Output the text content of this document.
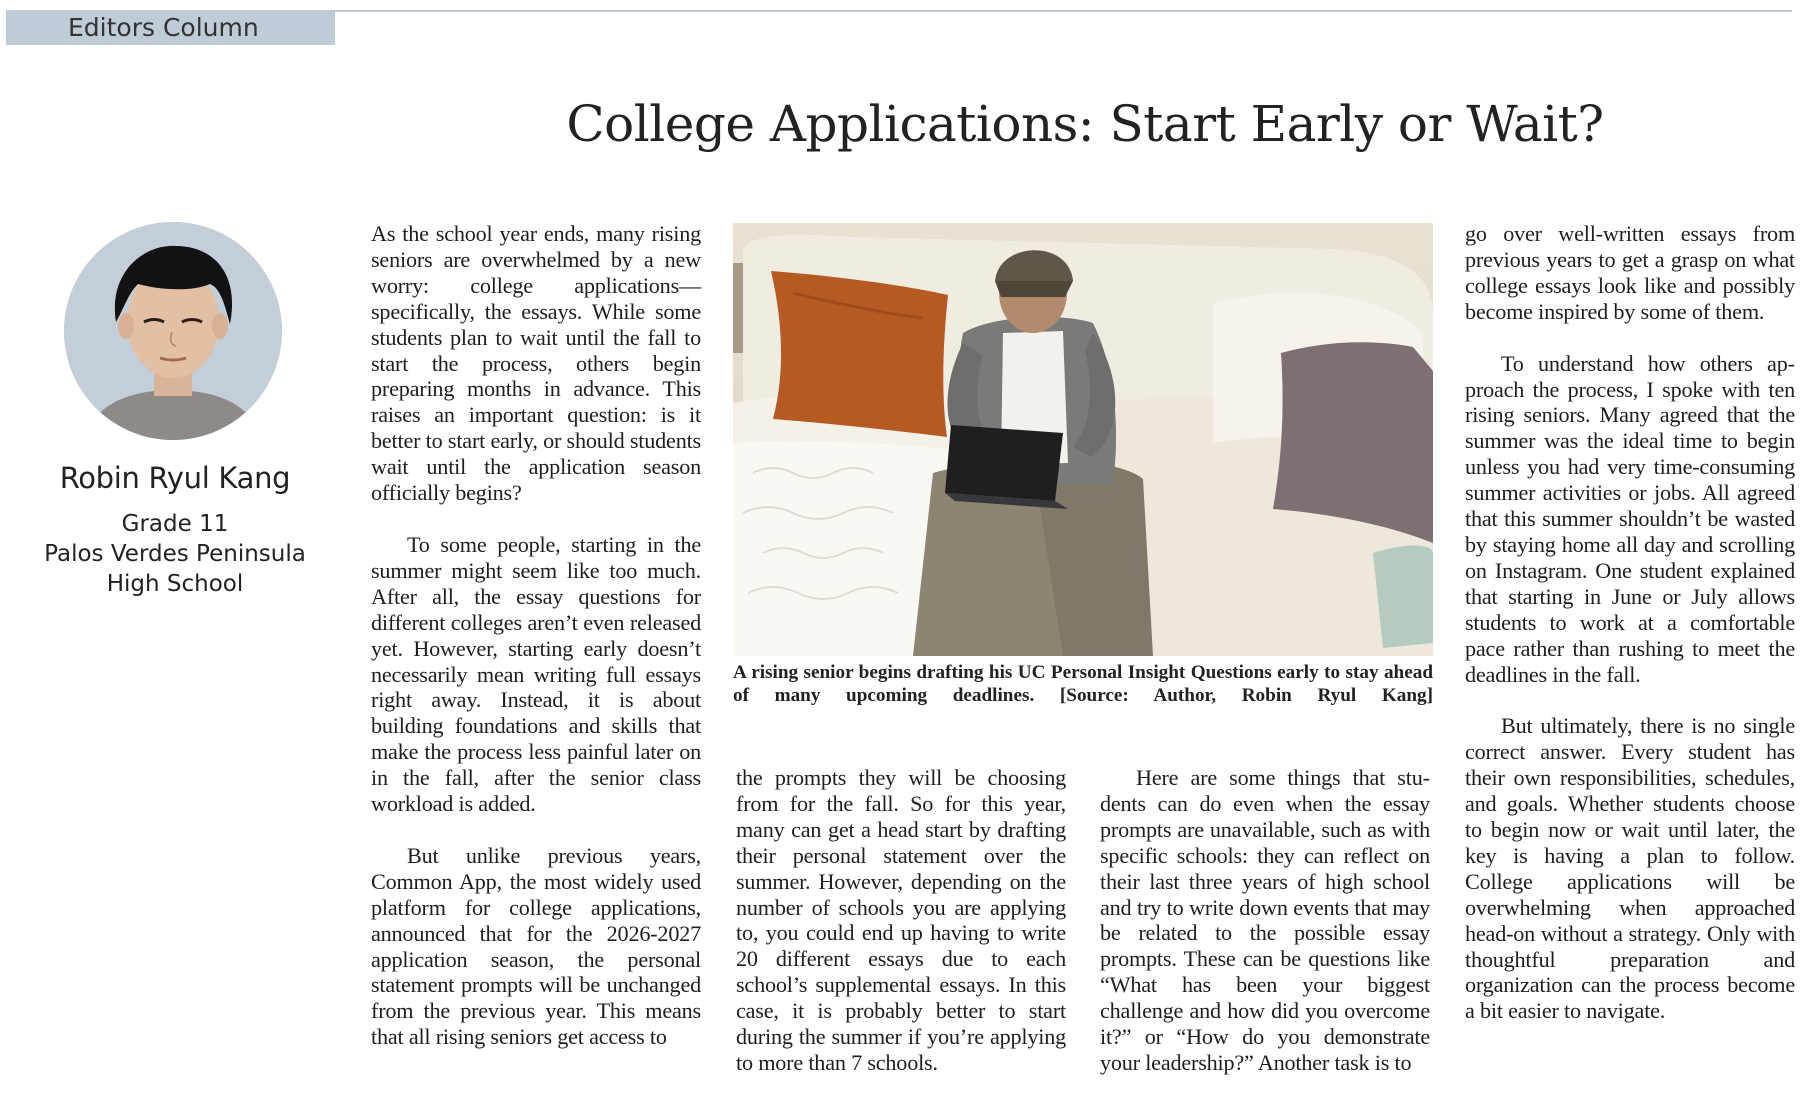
Editors Column
College Applications: Start Early or Wait?
Robin Ryul Kang
Grade 11
Palos Verdes Peninsula
High School

As the school year ends, many rising seniors are overwhelmed by a new worry: college applications—specifically, the essays. While some students plan to wait until the fall to start the process, others begin preparing months in advance. This raises an important question: is it better to start early, or should students wait until the application season officially begins?

To some people, starting in the summer might seem like too much. After all, the essay questions for different colleges aren’t even released yet. However, starting early doesn’t necessarily mean writing full essays right away. Instead, it is about building foundations and skills that make the process less painful later on in the fall, after the senior class workload is added.

But unlike previous years, Common App, the most widely used platform for college applications, announced that for the 2026-2027 application season, the personal statement prompts will be unchanged from the previous year. This means that all rising seniors get access to

A rising senior begins drafting his UC Personal Insight Questions early to stay ahead of many upcoming deadlines. [Source: Author, Robin Ryul Kang]

the prompts they will be choosing from for the fall. So for this year, many can get a head start by drafting their personal statement over the summer. However, depending on the number of schools you are applying to, you could end up having to write 20 different essays due to each school’s supplemental essays. In this case, it is probably better to start during the summer if you’re applying to more than 7 schools.

Here are some things that students can do even when the essay prompts are unavailable, such as with specific schools: they can reflect on their last three years of high school and try to write down events that may be related to the possible essay prompts. These can be questions like “What has been your biggest challenge and how did you overcome it?” or “How do you demonstrate your leadership?” Another task is to

go over well-written essays from previous years to get a grasp on what college essays look like and possibly become inspired by some of them.

To understand how others approach the process, I spoke with ten rising seniors. Many agreed that the summer was the ideal time to begin unless you had very time-consuming summer activities or jobs. All agreed that this summer shouldn’t be wasted by staying home all day and scrolling on Instagram. One student explained that starting in June or July allows students to work at a comfortable pace rather than rushing to meet the deadlines in the fall.

But ultimately, there is no single correct answer. Every student has their own responsibilities, schedules, and goals. Whether students choose to begin now or wait until later, the key is having a plan to follow. College applications will be overwhelming when approached head-on without a strategy. Only with thoughtful preparation and organization can the process become a bit easier to navigate.
